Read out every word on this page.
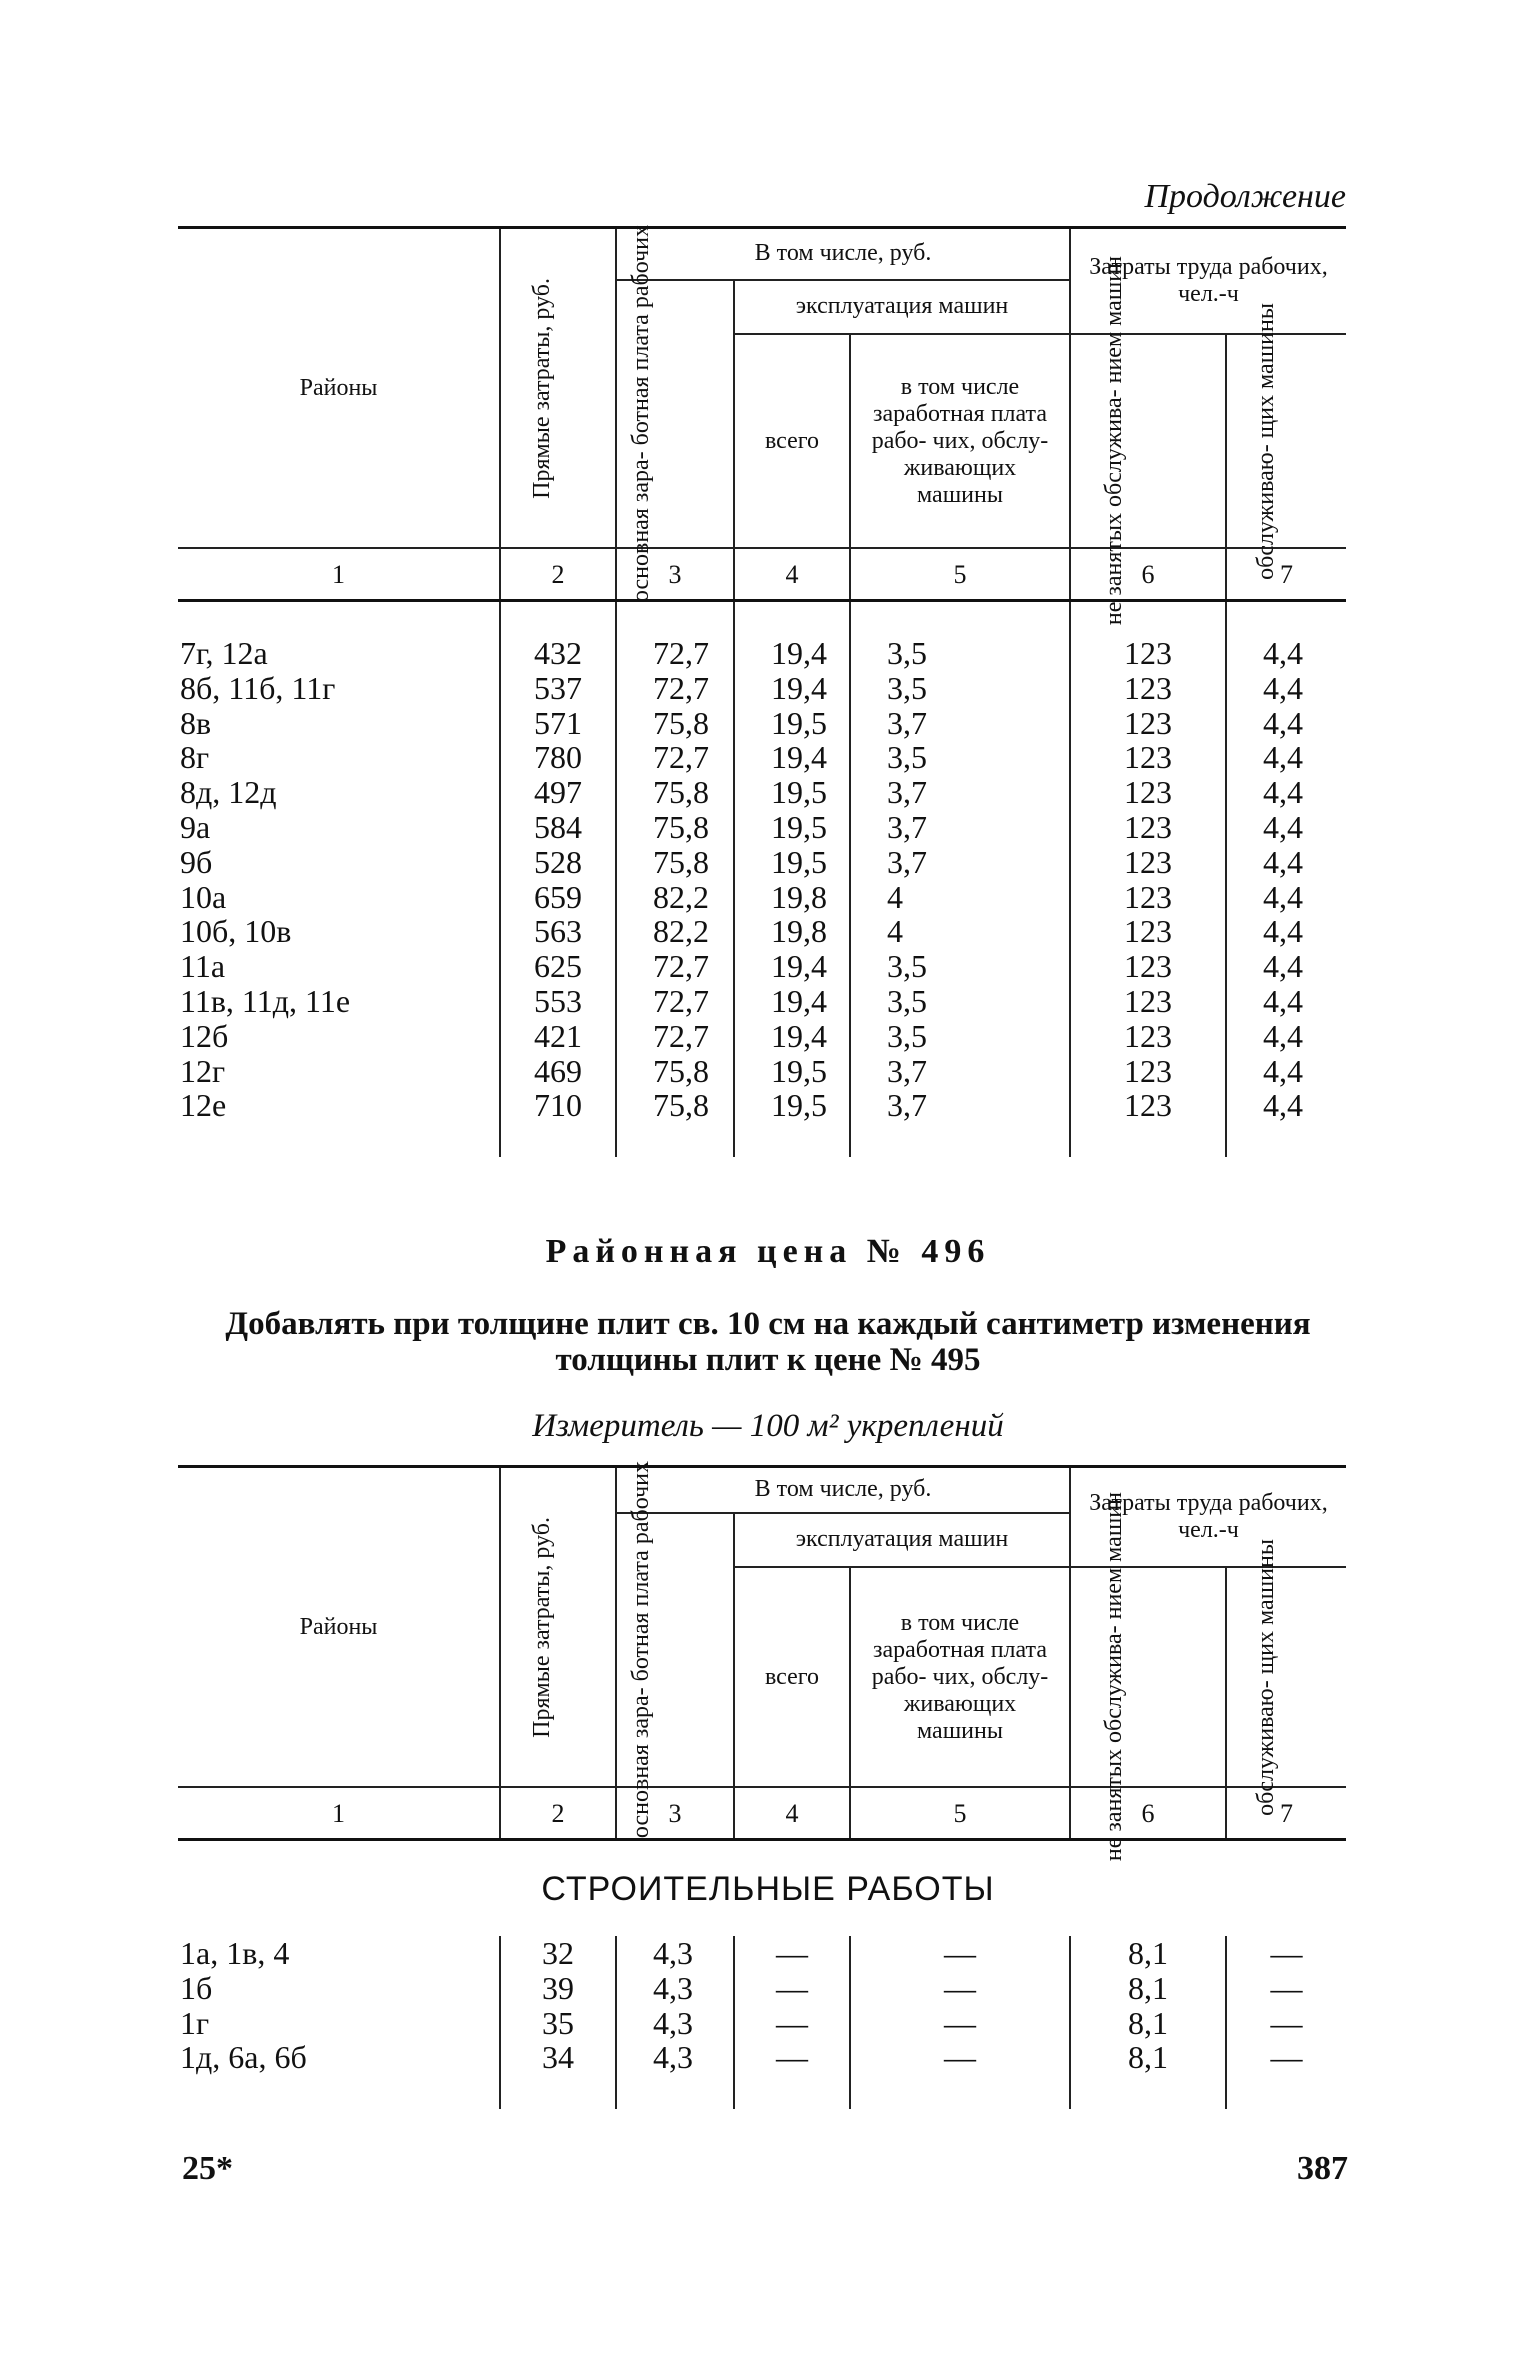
Продолжение
Районы	Прямые затраты, руб.	В том числе, руб.			Затраты труда рабочих, чел.-ч	

		основная зара- ботная плата рабочих	эксплуатация машин			
			всего	в том числе заработная плата рабо- чих, обслу- живающих машины	не занятых обслужива- нием машин	обслуживаю- щих машины

1	2	3	4	5	6	7

7г, 12а	432	72,7	19,4	3,5	123	4,4
8б, 11б, 11г	537	72,7	19,4	3,5	123	4,4
8в	571	75,8	19,5	3,7	123	4,4
8г	780	72,7	19,4	3,5	123	4,4
8д, 12д	497	75,8	19,5	3,7	123	4,4
9а	584	75,8	19,5	3,7	123	4,4
9б	528	75,8	19,5	3,7	123	4,4
10а	659	82,2	19,8	4	123	4,4
10б, 10в	563	82,2	19,8	4	123	4,4
11а	625	72,7	19,4	3,5	123	4,4
11в, 11д, 11е	553	72,7	19,4	3,5	123	4,4
12б	421	72,7	19,4	3,5	123	4,4
12г	469	75,8	19,5	3,7	123	4,4
12е	710	75,8	19,5	3,7	123	4,4

Районная цена № 496
Добавлять при толщине плит св. 10 см на каждый сантиметр изменения толщины плит к цене № 495
Измеритель — 100 м² укреплений
Районы	Прямые затраты, руб.	В том числе, руб.			Затраты труда рабочих, чел.-ч	

		основная зара- ботная плата рабочих	эксплуатация машин			
			всего	в том числе заработная плата рабо- чих, обслу- живающих машины	не занятых обслужива- нием машин	обслуживаю- щих машины

1	2	3	4	5	6	7
СТРОИТЕЛЬНЫЕ РАБОТЫ
1а, 1в, 4	32	4,3	—	—	8,1	—
1б	39	4,3	—	—	8,1	—
1г	35	4,3	—	—	8,1	—
1д, 6а, 6б	34	4,3	—	—	8,1	—

25*	387
